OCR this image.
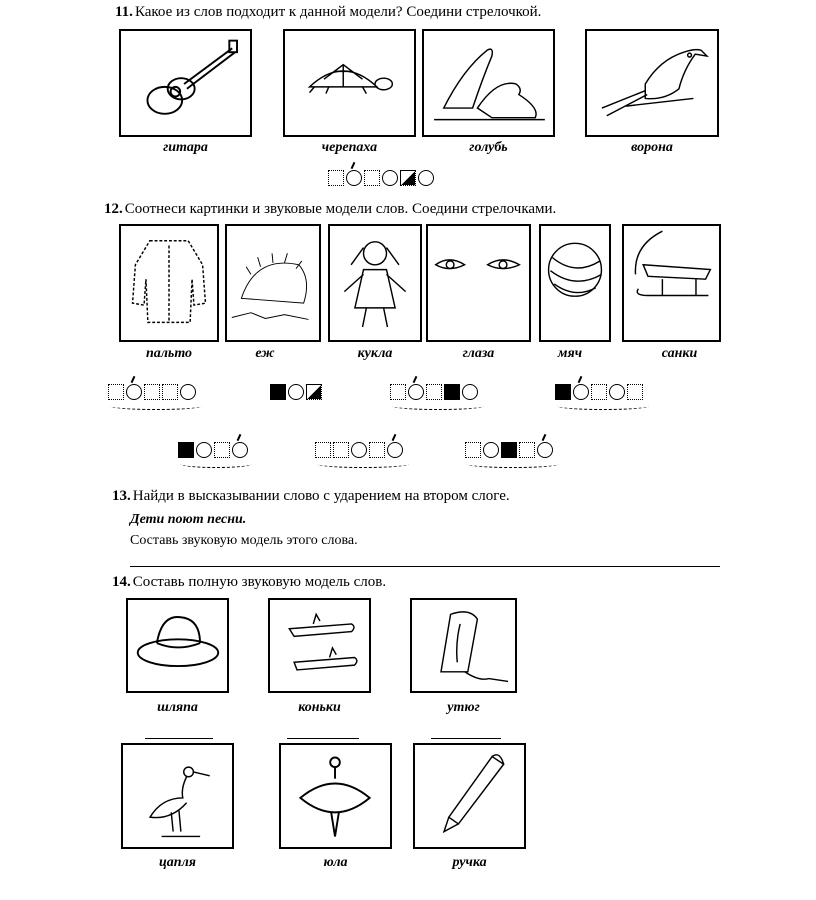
11. Какое из слов подходит к данной модели? Соедини стрелочкой.
гитара	черепаха	голубь	ворона
12. Соотнеси картинки и звуковые модели слов. Соедини стрелочками.
пальто	еж	кукла	глаза	мяч	санки
13. Найди в высказывании слово с ударением на втором слоге.
Дети поют песни.
Составь звуковую модель этого слова.
14. Составь полную звуковую модель слов.
шляпа	коньки	утюг
цапля	юла	ручка
